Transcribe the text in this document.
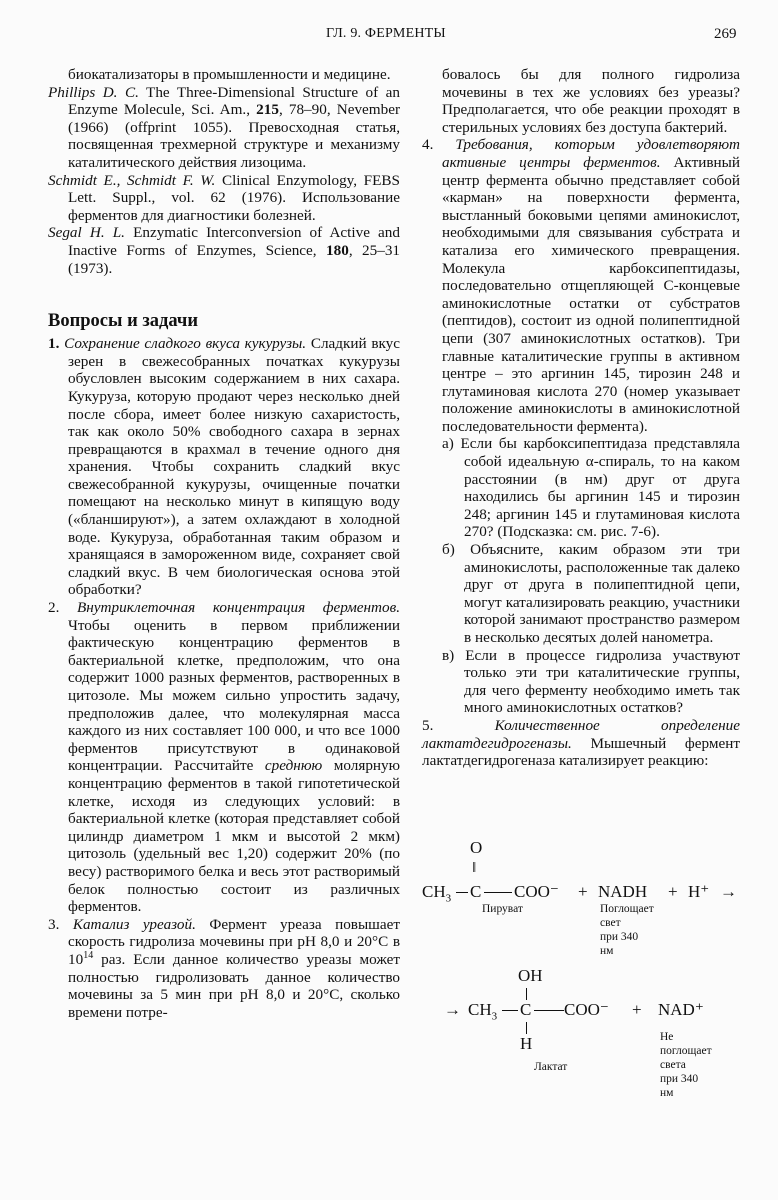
ГЛ. 9. ФЕРМЕНТЫ	269

биокатализаторы в промышленности и медицине.

Phillips D. C. The Three-Dimensional Structure of an Enzyme Molecule, Sci. Am., 215, 78–90, Nevember (1966) (offprint 1055). Превосходная статья, посвященная трехмерной структуре и механизму каталитического действия лизоцима.

Schmidt E., Schmidt F. W. Clinical Enzymology, FEBS Lett. Suppl., vol. 62 (1976). Использование ферментов для диагностики болезней.

Segal H. L. Enzymatic Interconversion of Active and Inactive Forms of Enzymes, Science, 180, 25–31 (1973).

Вопросы и задачи

1. Сохранение сладкого вкуса кукурузы. Сладкий вкус зерен в свежесобранных початках кукурузы обусловлен высоким содержанием в них сахара. Кукуруза, которую продают через несколько дней после сбора, имеет более низкую сахаристость, так как около 50% свободного сахара в зернах превращаются в крахмал в течение одного дня хранения. Чтобы сохранить сладкий вкус свежесобранной кукурузы, очищенные початки помещают на несколько минут в кипящую воду («бланшируют»), а затем охлаждают в холодной воде. Кукуруза, обработанная таким образом и хранящаяся в замороженном виде, сохраняет свой сладкий вкус. В чем биологическая основа этой обработки?

2. Внутриклеточная концентрация ферментов. Чтобы оценить в первом приближении фактическую концентрацию ферментов в бактериальной клетке, предположим, что она содержит 1000 разных ферментов, растворенных в цитозоле. Мы можем сильно упростить задачу, предположив далее, что молекулярная масса каждого из них составляет 100 000, и что все 1000 ферментов присутствуют в одинаковой концентрации. Рассчитайте среднюю молярную концентрацию ферментов в такой гипотетической клетке, исходя из следующих условий: в бактериальной клетке (которая представляет собой цилиндр диаметром 1 мкм и высотой 2 мкм) цитозоль (удельный вес 1,20) содержит 20% (по весу) растворимого белка и весь этот растворимый белок полностью состоит из различных ферментов.

3. Катализ уреазой. Фермент уреаза повышает скорость гидролиза мочевины при pH 8,0 и 20°C в $10^{14}$ раз. Если данное количество уреазы может полностью гидролизовать данное количество мочевины за 5 мин при pH 8,0 и 20°C, сколько времени потре-

бовалось бы для полного гидролиза мочевины в тех же условиях без уреазы? Предполагается, что обе реакции проходят в стерильных условиях без доступа бактерий.

4. Требования, которым удовлетворяют активные центры ферментов. Активный центр фермента обычно представляет собой «карман» на поверхности фермента, выстланный боковыми цепями аминокислот, необходимыми для связывания субстрата и катализа его химического превращения. Молекула карбоксипептидазы, последовательно отщепляющей С-концевые аминокислотные остатки от субстратов (пептидов), состоит из одной полипептидной цепи (307 аминокислотных остатков). Три главные каталитические группы в активном центре – это аргинин 145, тирозин 248 и глутаминовая кислота 270 (номер указывает положение аминокислоты в аминокислотной последовательности фермента).

а) Если бы карбоксипептидаза представляла собой идеальную α-спираль, то на каком расстоянии (в нм) друг от друга находились бы аргинин 145 и тирозин 248; аргинин 145 и глутаминовая кислота 270? (Подсказка: см. рис. 7-6).

б) Объясните, каким образом эти три аминокислоты, расположенные так далеко друг от друга в полипептидной цепи, могут катализировать реакцию, участники которой занимают пространство размером в несколько десятых долей нанометра.

в) Если в процессе гидролиза участвуют только эти три каталитические группы, для чего ферменту необходимо иметь так много аминокислотных остатков?

5.	Количественное определение лактатдегидрогеназы. Мышечный фермент лактатдегидрогеназа катализирует реакцию:

O
‖
$CH_3$ C COO⁻
Пируват
+ NADH
Поглощает свет при 340 нм
+ H⁺ →
OH
→ $CH_3$ C COO⁻
H
Лактат
+ NAD⁺
Не поглощает света при 340 нм
